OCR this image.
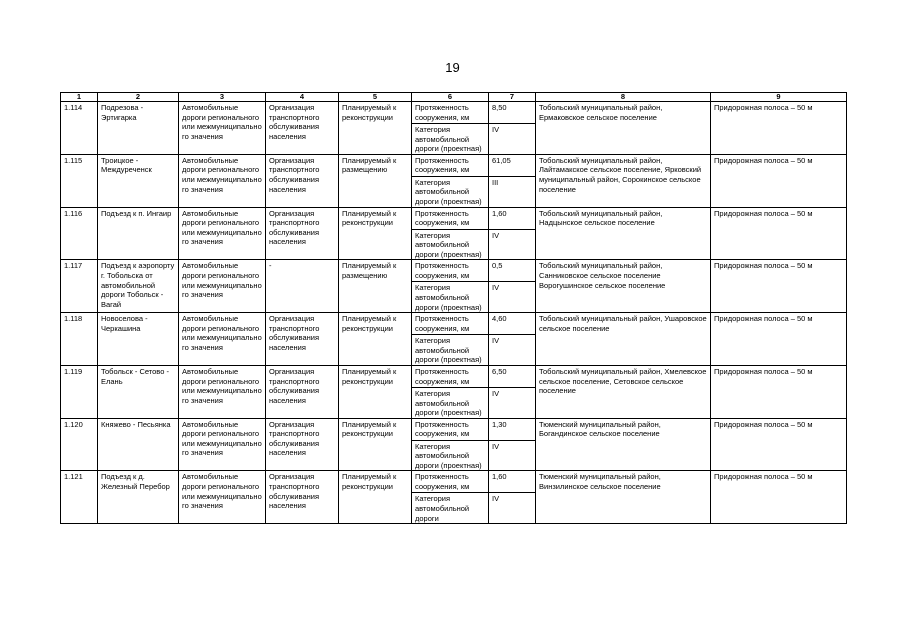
19
1	2	3	4	5	6	7	8	9
1.114	Подрезова - Эртигарка	Автомобильные дороги регионального или межмуниципально го значения	Организация транспортного обслуживания населения	Планируемый к реконструкции	Протяженность сооружения, км	8,50	Тобольский муниципальный район, Ермаковское сельское поселение	Придорожная полоса – 50 м
					Категория автомобильной дороги (проектная)	IV		
1.115	Троицкое - Междуреченск	Автомобильные дороги регионального или межмуниципально го значения	Организация транспортного обслуживания населения	Планируемый к размещению	Протяженность сооружения, км	61,05	Тобольский муниципальный район, Лайтамакское сельское поселение, Ярковский муниципальный район, Сорокинское сельское поселение	Придорожная полоса – 50 м
					Категория автомобильной дороги (проектная)	III		
1.116	Подъезд к п. Ингаир	Автомобильные дороги регионального или межмуниципально го значения	Организация транспортного обслуживания населения	Планируемый к реконструкции	Протяженность сооружения, км	1,60	Тобольский муниципальный район, Надцынское сельское поселение	Придорожная полоса – 50 м
					Категория автомобильной дороги (проектная)	IV		
1.117	Подъезд к аэропорту г. Тобольска от автомобильной дороги Тобольск - Вагай	Автомобильные дороги регионального или межмуниципально го значения	-	Планируемый к размещению	Протяженность сооружения, км	0,5	Тобольский муниципальный район, Санниковское сельское поселение Ворогушинское сельское поселение	Придорожная полоса – 50 м
					Категория автомобильной дороги (проектная)	IV		
1.118	Новоселова - Черкашина	Автомобильные дороги регионального или межмуниципально го значения	Организация транспортного обслуживания населения	Планируемый к реконструкции	Протяженность сооружения, км	4,60	Тобольский муниципальный район, Ушаровское сельское поселение	Придорожная полоса – 50 м
					Категория автомобильной дороги (проектная)	IV		
1.119	Тобольск - Сетово - Елань	Автомобильные дороги регионального или межмуниципально го значения	Организация транспортного обслуживания населения	Планируемый к реконструкции	Протяженность сооружения, км	6,50	Тобольский муниципальный район, Хмелевское сельское поселение, Сетовское сельское поселение	Придорожная полоса – 50 м
					Категория автомобильной дороги (проектная)	IV		
1.120	Княжево - Песьянка	Автомобильные дороги регионального или межмуниципально го значения	Организация транспортного обслуживания населения	Планируемый к реконструкции	Протяженность сооружения, км	1,30	Тюменский муниципальный район, Богандинское сельское поселение	Придорожная полоса – 50 м
					Категория автомобильной дороги (проектная)	IV		
1.121	Подъезд к д. Железный Перебор	Автомобильные дороги регионального или межмуниципально го значения	Организация транспортного обслуживания населения	Планируемый к реконструкции	Протяженность сооружения, км	1,60	Тюменский муниципальный район, Винзилинское сельское поселение	Придорожная полоса – 50 м
					Категория автомобильной дороги	IV		
